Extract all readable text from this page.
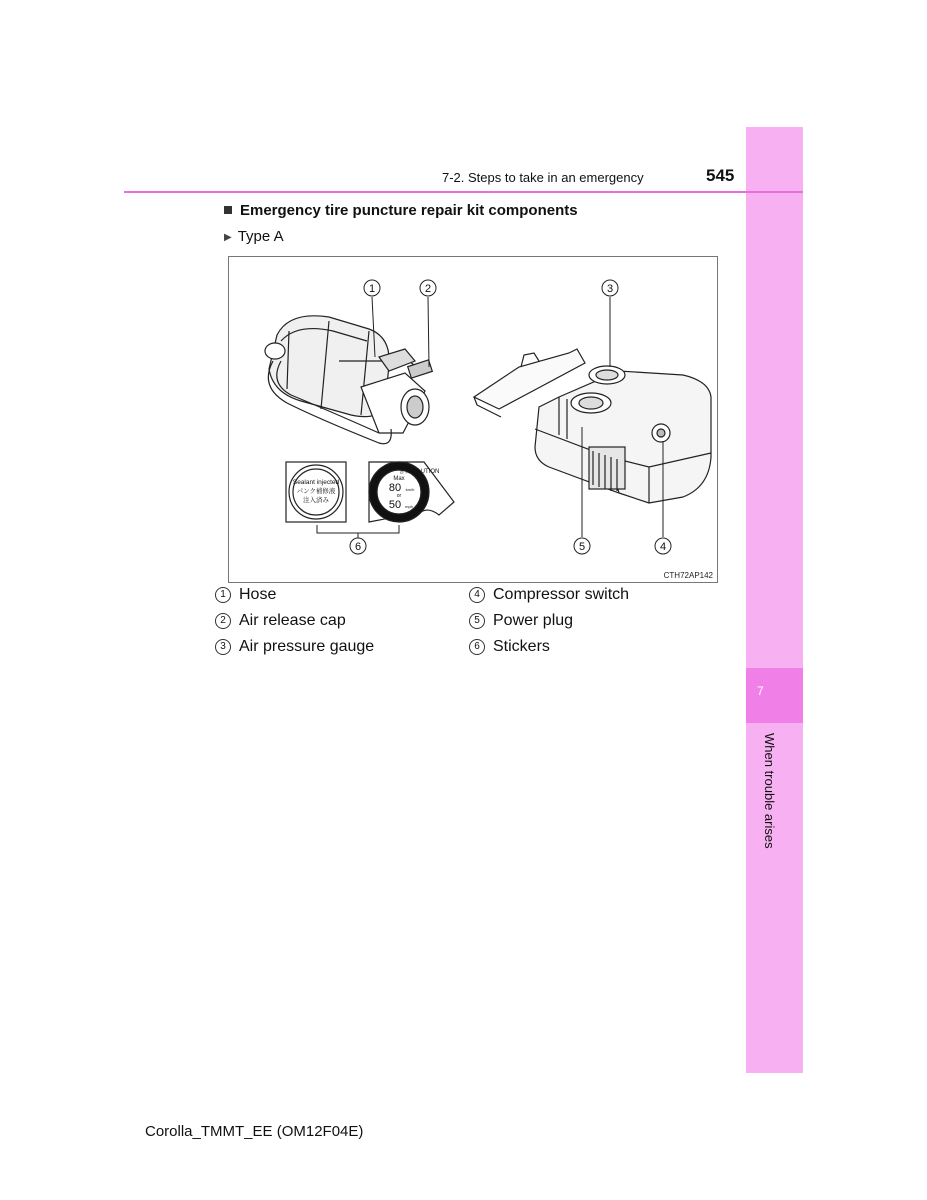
7
When trouble arises
7-2. Steps to take in an emergency	545
Emergency tire puncture repair kit components
▶ Type A
Sealant injected
パンク補修液
注入済み
警告 CAUTION
Max
80 km/h
or
50 mph
1	2	3
4
5
6
CTH72AP142
1 Hose
2 Air release cap
3 Air pressure gauge
4 Compressor switch
5 Power plug
6 Stickers
Corolla_TMMT_EE (OM12F04E)
